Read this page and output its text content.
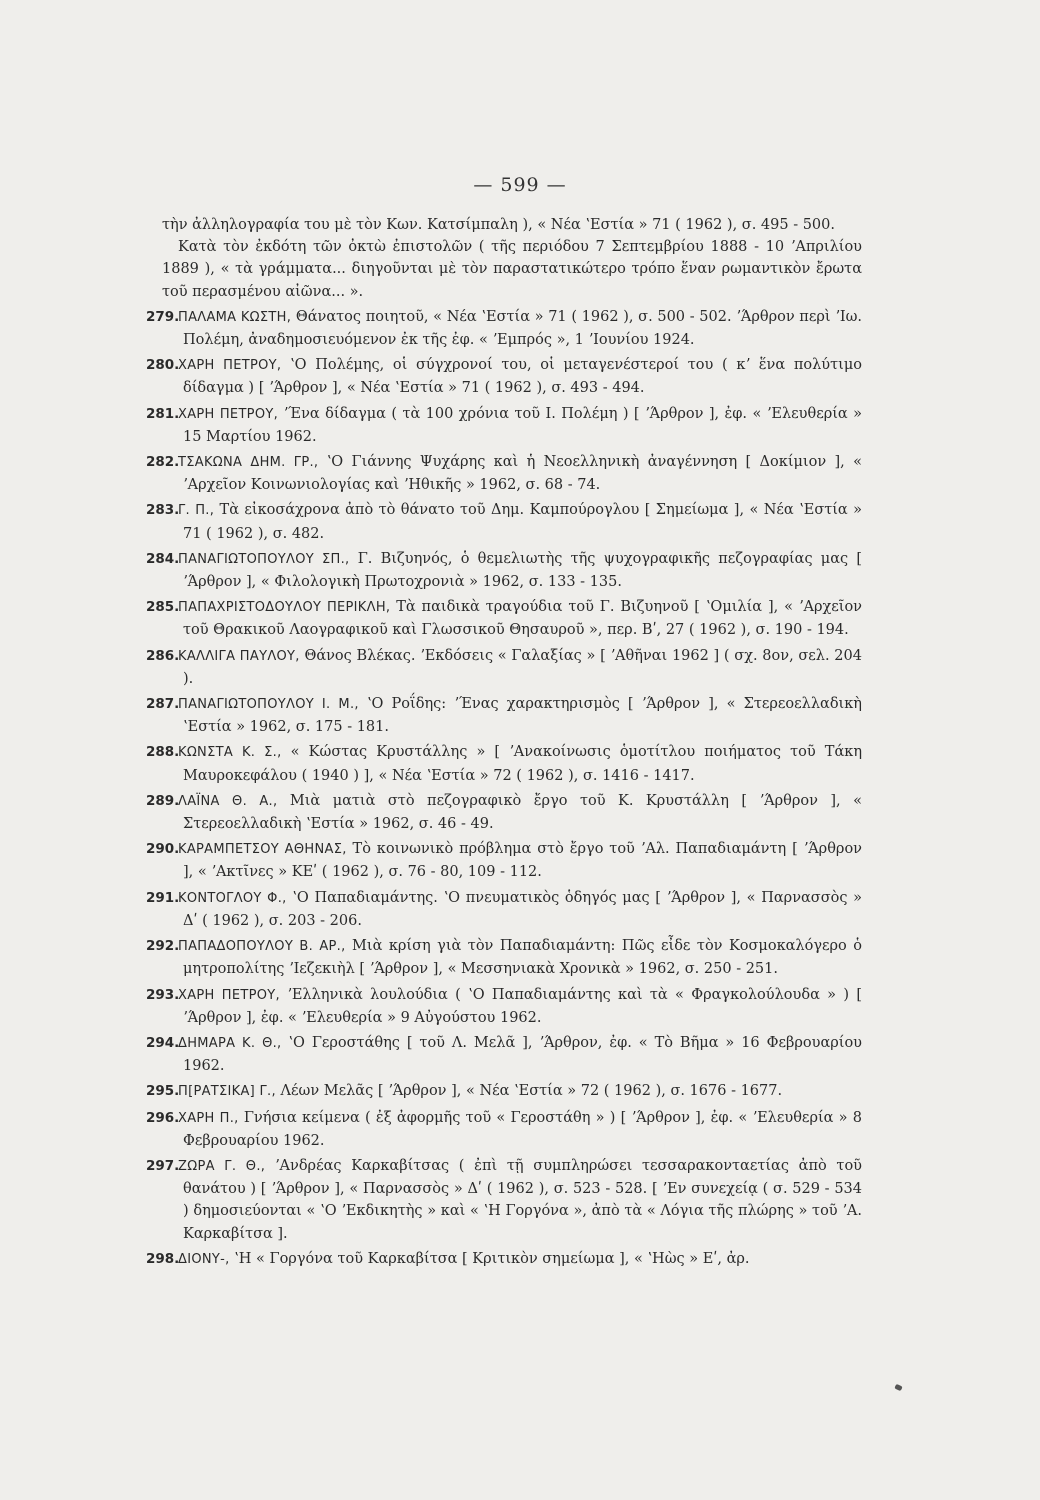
— 599 —

τὴν ἀλληλογραφία του μὲ τὸν Κων. Κατσίμπαλη ), « Νέα ʽΕστία » 71 ( 1962 ), σ. 495 - 500.

Κατὰ τὸν ἐκδότη τῶν ὀκτὼ ἐπιστολῶν ( τῆς περιόδου 7 Σεπτεμβρίου 1888 - 10 ʼΑπριλίου 1889 ), « τὰ γράμματα... διηγοῦνται μὲ τὸν παραστατικώτερο τρόπο ἕναν ρωμαντικὸν ἔρωτα τοῦ περασμένου αἰῶνα... ».

279.
ΠΑΛΑΜΑ ΚΩΣΤΗ, Θάνατος ποιητοῦ, « Νέα ʽΕστία » 71 ( 1962 ), σ. 500 - 502. ʼΆρθρον περὶ ʼΙω. Πολέμη, ἀναδημοσιευόμενον ἐκ τῆς ἐφ. « ʼΕμπρός », 1 ʼΙουνίου 1924.

280.
ΧΑΡΗ ΠΕΤΡΟΥ, ʽΟ Πολέμης, οἱ σύγχρονοί του, οἱ μεταγενέστεροί του ( κʼ ἕνα πολύτιμο δίδαγμα ) [ ʼΆρθρον ], « Νέα ʽΕστία » 71 ( 1962 ), σ. 493 - 494.

281.
ΧΑΡΗ ΠΕΤΡΟΥ, ʼΈνα δίδαγμα ( τὰ 100 χρόνια τοῦ Ι. Πολέμη ) [ ʼΆρθρον ], ἐφ. « ʼΕλευθερία » 15 Μαρτίου 1962.

282.
ΤΣΑΚΩΝΑ ΔΗΜ. ΓΡ., ʽΟ Γιάννης Ψυχάρης καὶ ἡ Νεοελληνικὴ ἀναγέννηση [ Δοκίμιον ], « ʼΑρχεῖον Κοινωνιολογίας καὶ ʼΗθικῆς » 1962, σ. 68 - 74.

283.
Γ. Π., Τὰ εἰκοσάχρονα ἀπὸ τὸ θάνατο τοῦ Δημ. Καμπούρογλου [ Σημείωμα ], « Νέα ʽΕστία » 71 ( 1962 ), σ. 482.

284.
ΠΑΝΑΓΙΩΤΟΠΟΥΛΟΥ ΣΠ., Γ. Βιζυηνός, ὁ θεμελιωτὴς τῆς ψυχογραφικῆς πεζογραφίας μας [ ʼΆρθρον ], « Φιλολογικὴ Πρωτοχρονιὰ » 1962, σ. 133 - 135.

285.
ΠΑΠΑΧΡΙΣΤΟΔΟΥΛΟΥ ΠΕΡΙΚΛΗ, Τὰ παιδικὰ τραγούδια τοῦ Γ. Βιζυηνοῦ [ ʽΟμιλία ], « ʼΑρχεῖον τοῦ Θρακικοῦ Λαογραφικοῦ καὶ Γλωσσικοῦ Θησαυροῦ », περ. Βʹ, 27 ( 1962 ), σ. 190 - 194.

286.
ΚΑΛΛΙΓΑ ΠΑΥΛΟΥ, Θάνος Βλέκας. ʼΕκδόσεις « Γαλαξίας » [ ʼΑθῆναι 1962 ] ( σχ. 8ον, σελ. 204 ).

287.
ΠΑΝΑΓΙΩΤΟΠΟΥΛΟΥ Ι. Μ., ʽΟ Ροΐδης: ʼΈνας χαρακτηρισμὸς [ ʼΆρθρον ], « Στερεοελλαδικὴ ʽΕστία » 1962, σ. 175 - 181.

288.
ΚΩΝΣΤΑ Κ. Σ., « Κώστας Κρυστάλλης » [ ʼΑνακοίνωσις ὁμοτίτλου ποιήματος τοῦ Τάκη Μαυροκεφάλου ( 1940 ) ], « Νέα ʽΕστία » 72 ( 1962 ), σ. 1416 - 1417.

289.
ΛΑΪΝΑ Θ. Α., Μιὰ ματιὰ στὸ πεζογραφικὸ ἔργο τοῦ Κ. Κρυστάλλη [ ʼΆρθρον ], « Στερεοελλαδικὴ ʽΕστία » 1962, σ. 46 - 49.

290.
ΚΑΡΑΜΠΕΤΣΟΥ ΑΘΗΝΑΣ, Τὸ κοινωνικὸ πρόβλημα στὸ ἔργο τοῦ ʼΑλ. Παπαδιαμάντη [ ʼΆρθρον ], « ʼΑκτῖνες » ΚΕʹ ( 1962 ), σ. 76 - 80, 109 - 112.

291.
ΚΟΝΤΟΓΛΟΥ Φ., ʽΟ Παπαδιαμάντης. ʽΟ πνευματικὸς ὁδηγός μας [ ʼΆρθρον ], « Παρνασσὸς » Δʹ ( 1962 ), σ. 203 - 206.

292.
ΠΑΠΑΔΟΠΟΥΛΟΥ Β. ΑΡ., Μιὰ κρίση γιὰ τὸν Παπαδιαμάντη: Πῶς εἶδε τὸν Κοσμοκαλόγερο ὁ μητροπολίτης ʼΙεζεκιὴλ [ ʼΆρθρον ], « Μεσσηνιακὰ Χρονικὰ » 1962, σ. 250 - 251.

293.
ΧΑΡΗ ΠΕΤΡΟΥ, ʼΕλληνικὰ λουλούδια ( ʽΟ Παπαδιαμάντης καὶ τὰ « Φραγκολούλουδα » ) [ ʼΆρθρον ], ἐφ. « ʼΕλευθερία » 9 Αὐγούστου 1962.

294.
ΔΗΜΑΡΑ Κ. Θ., ʽΟ Γεροστάθης [ τοῦ Λ. Μελᾶ ], ʼΆρθρον, ἐφ. « Τὸ Βῆμα » 16 Φεβρουαρίου 1962.

295.
Π[ΡΑΤΣΙΚΑ] Γ., Λέων Μελᾶς [ ʼΆρθρον ], « Νέα ʽΕστία » 72 ( 1962 ), σ. 1676 - 1677.

296.
ΧΑΡΗ Π., Γνήσια κείμενα ( ἐξ ἀφορμῆς τοῦ « Γεροστάθη » ) [ ʼΆρθρον ], ἐφ. « ʼΕλευθερία » 8 Φεβρουαρίου 1962.

297.
ΖΩΡΑ Γ. Θ., ʼΑνδρέας Καρκαβίτσας ( ἐπὶ τῇ συμπληρώσει τεσσαρακονταετίας ἀπὸ τοῦ θανάτου ) [ ʼΆρθρον ], « Παρνασσὸς » Δʹ ( 1962 ), σ. 523 - 528. [ ʼΕν συνεχείᾳ ( σ. 529 - 534 ) δημοσιεύονται « ʽΟ ʼΕκδικητὴς » καὶ « ʽΗ Γοργόνα », ἀπὸ τὰ « Λόγια τῆς πλώρης » τοῦ ʼΑ. Καρκαβίτσα ].

298.
ΔΙΟΝΥ-, ʽΗ « Γοργόνα τοῦ Καρκαβίτσα [ Κριτικὸν σημείωμα ], « ʽΗὼς » Εʹ, ἀρ.
